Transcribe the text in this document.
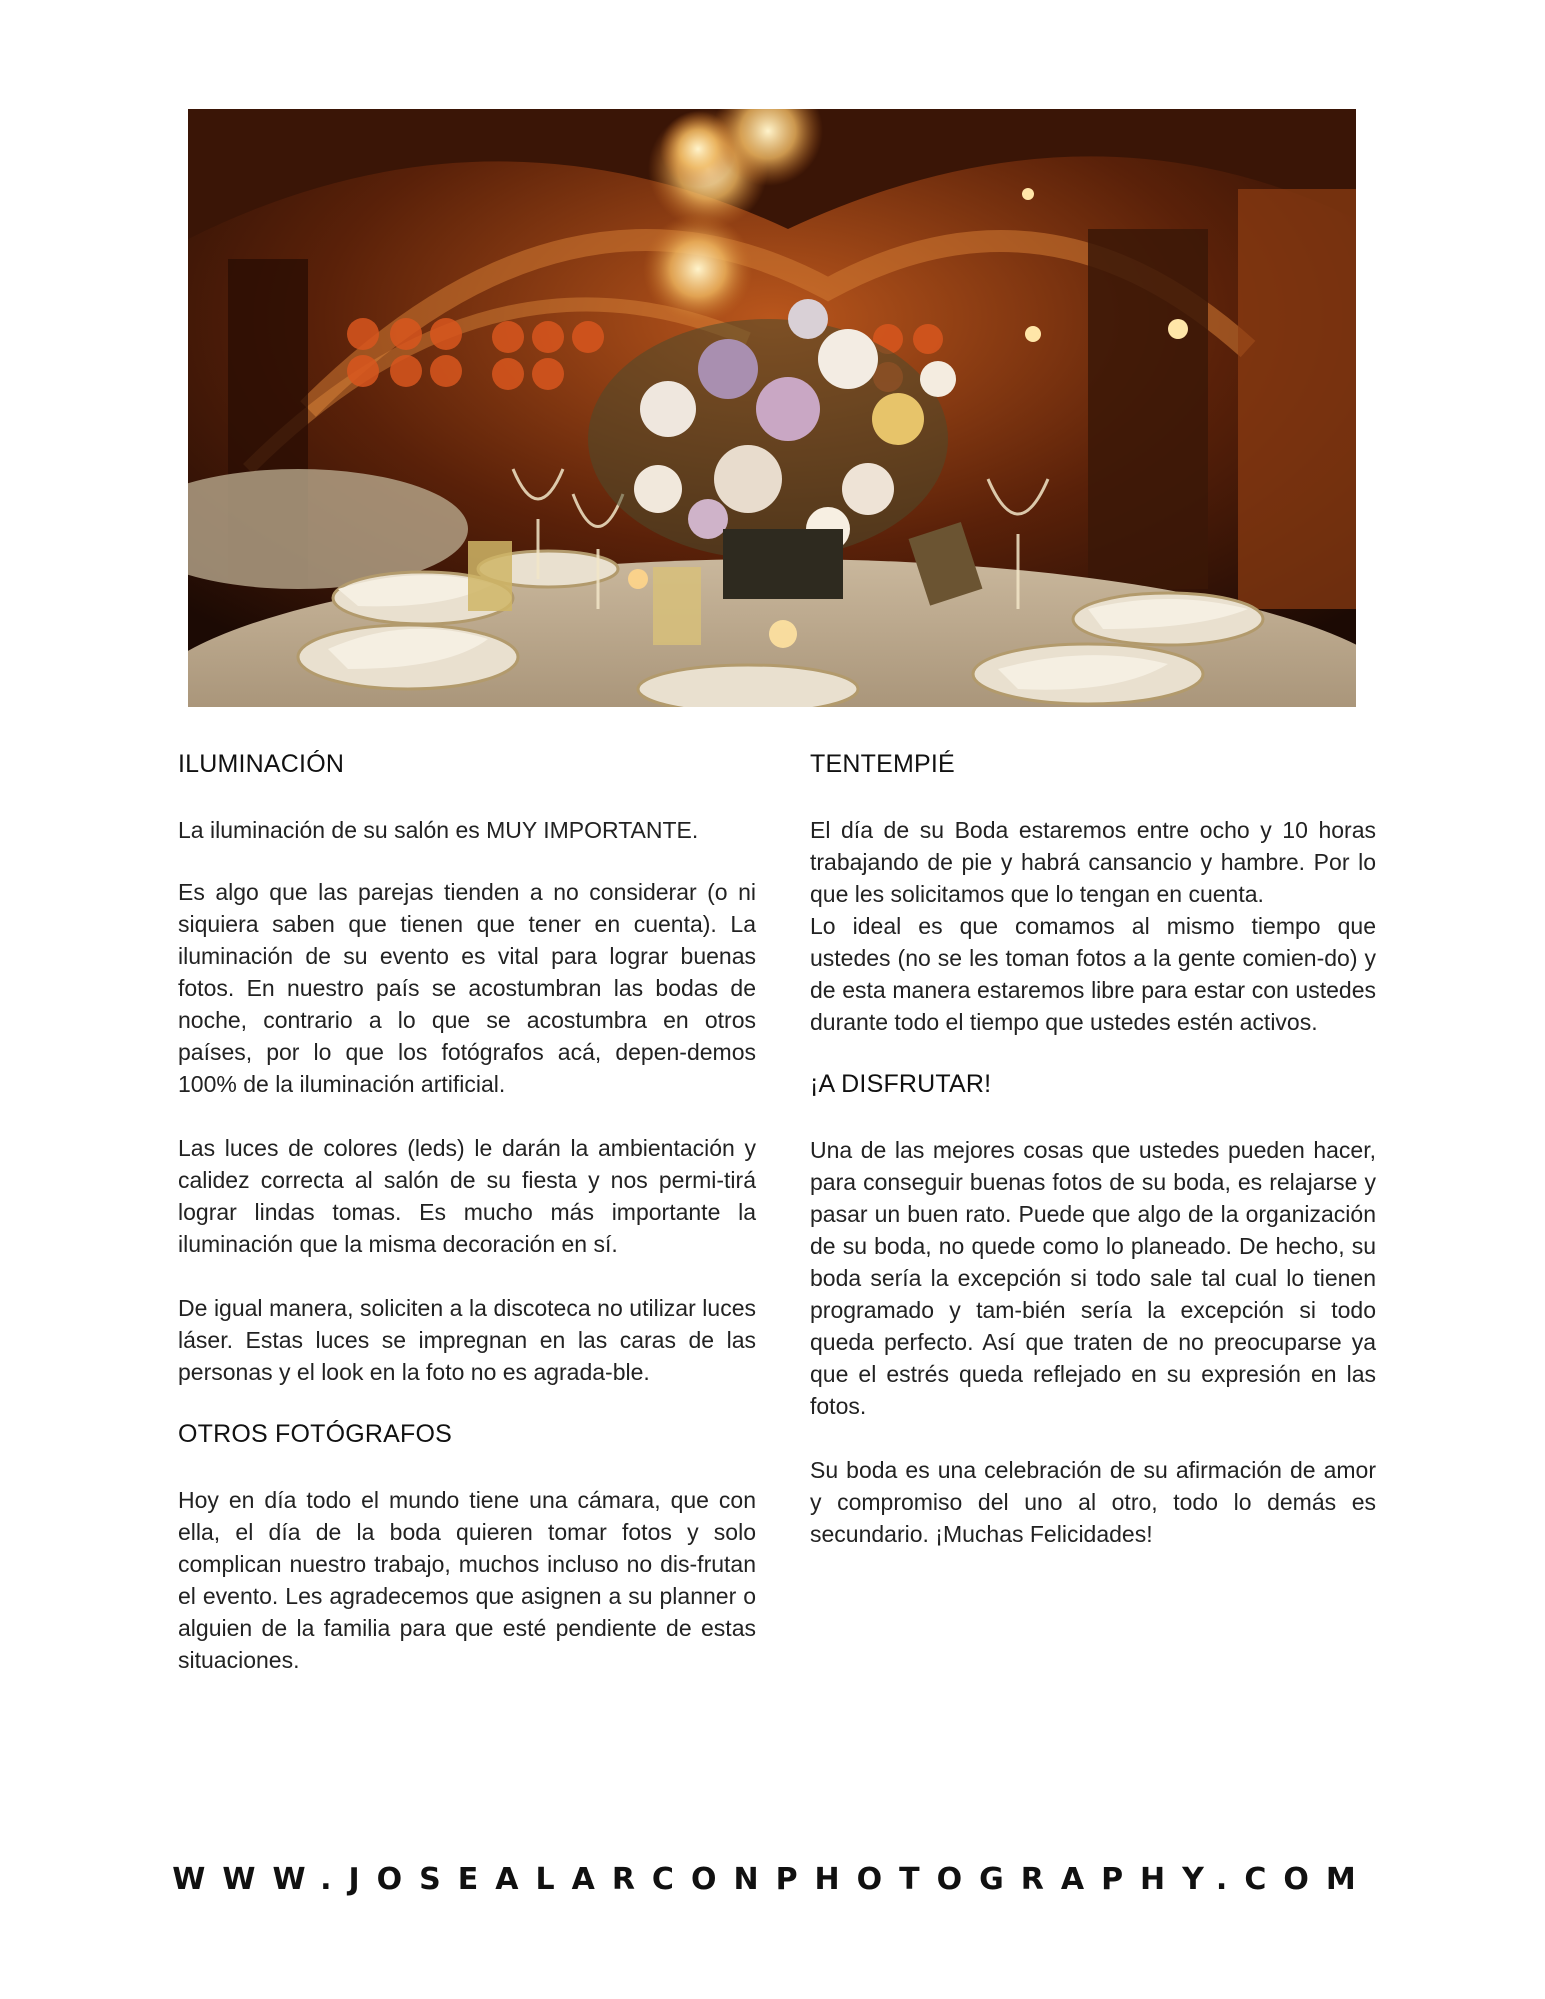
ILUMINACIÓN

La iluminación de su salón es MUY IMPORTANTE.

Es algo que las parejas tienden a no considerar (o ni siquiera saben que tienen que tener en cuenta). La iluminación de su evento es vital para lograr buenas fotos. En nuestro país se acostumbran las bodas de noche, contrario a lo que se acostumbra en otros países, por lo que los fotógrafos acá, depen-demos 100% de la iluminación artificial.

Las luces de colores (leds) le darán la ambientación y calidez correcta al salón de su fiesta y nos permi-tirá lograr lindas tomas. Es mucho más importante la iluminación que la misma decoración en sí.

De igual manera, soliciten a la discoteca no utilizar luces láser. Estas luces se impregnan en las caras de las personas y el look en la foto no es agrada-ble.

OTROS FOTÓGRAFOS

Hoy en día todo el mundo tiene una cámara, que con ella, el día de la boda quieren tomar fotos y solo complican nuestro trabajo, muchos incluso no dis-frutan el evento. Les agradecemos que asignen a su planner o alguien de la familia para que esté pendiente de estas situaciones.

TENTEMPIÉ

El día de su Boda estaremos entre ocho y 10 horas trabajando de pie y habrá cansancio y hambre. Por lo que les solicitamos que lo tengan en cuenta.

Lo ideal es que comamos al mismo tiempo que ustedes (no se les toman fotos a la gente comien-do) y de esta manera estaremos libre para estar con ustedes durante todo el tiempo que ustedes estén activos.

¡A DISFRUTAR!

Una de las mejores cosas que ustedes pueden hacer, para conseguir buenas fotos de su boda, es relajarse y pasar un buen rato. Puede que algo de la organización de su boda, no quede como lo planeado. De hecho, su boda sería la excepción si todo sale tal cual lo tienen programado y tam-bién sería la excepción si todo queda perfecto. Así que traten de no preocuparse ya que el estrés queda reflejado en su expresión en las fotos.

Su boda es una celebración de su afirmación de amor y compromiso del uno al otro, todo lo demás es secundario. ¡Muchas Felicidades!

WWW.JOSEALARCONPHOTOGRAPHY.COM
